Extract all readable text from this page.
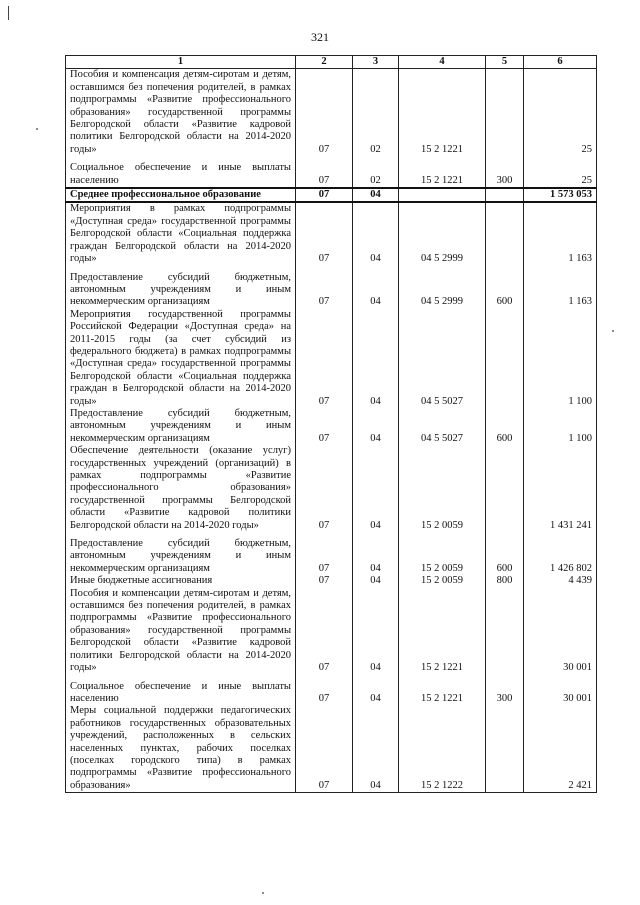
321
1	2	3	4	5	6
Пособия и компенсация детям-сиротам и детям, оставшимся без попечения родителей, в рамках подпрограммы «Развитие профессионального образования» государственной программы Белгородской области «Развитие кадровой политики Белгородской области на 2014-2020 годы»	07	02	15 2 1221		25
Социальное обеспечение и иные выплаты населению	07	02	15 2 1221	300	25
Среднее профессиональное образование	07	04			1 573 053
Мероприятия в рамках подпрограммы «Доступная среда» государственной программы Белгородской области «Социальная поддержка граждан Белгородской области на 2014-2020 годы»	07	04	04 5 2999		1 163
Предоставление субсидий бюджетным, автономным учреждениям и иным некоммерческим организациям	07	04	04 5 2999	600	1 163
Мероприятия государственной программы Российской Федерации «Доступная среда» на 2011-2015 годы (за счет субсидий из федерального бюджета) в рамках подпрограммы «Доступная среда» государственной программы Белгородской области «Социальная поддержка граждан в Белгородской области на 2014-2020 годы»	07	04	04 5 5027		1 100
Предоставление субсидий бюджетным, автономным учреждениям и иным некоммерческим организациям	07	04	04 5 5027	600	1 100
Обеспечение деятельности (оказание услуг) государственных учреждений (организаций) в рамках подпрограммы «Развитие профессионального образования» государственной программы Белгородской области «Развитие кадровой политики Белгородской области на 2014-2020 годы»	07	04	15 2 0059		1 431 241
Предоставление субсидий бюджетным, автономным учреждениям и иным некоммерческим организациям	07	04	15 2 0059	600	1 426 802
Иные бюджетные ассигнования	07	04	15 2 0059	800	4 439
Пособия и компенсации детям-сиротам и детям, оставшимся без попечения родителей, в рамках подпрограммы «Развитие профессионального образования» государственной программы Белгородской области «Развитие кадровой политики Белгородской области на 2014-2020 годы»	07	04	15 2 1221		30 001
Социальное обеспечение и иные выплаты населению	07	04	15 2 1221	300	30 001
Меры социальной поддержки педагогических работников государственных образовательных учреждений, расположенных в сельских населенных пунктах, рабочих поселках (поселках городского типа) в рамках подпрограммы «Развитие профессионального образования»	07	04	15 2 1222		2 421
